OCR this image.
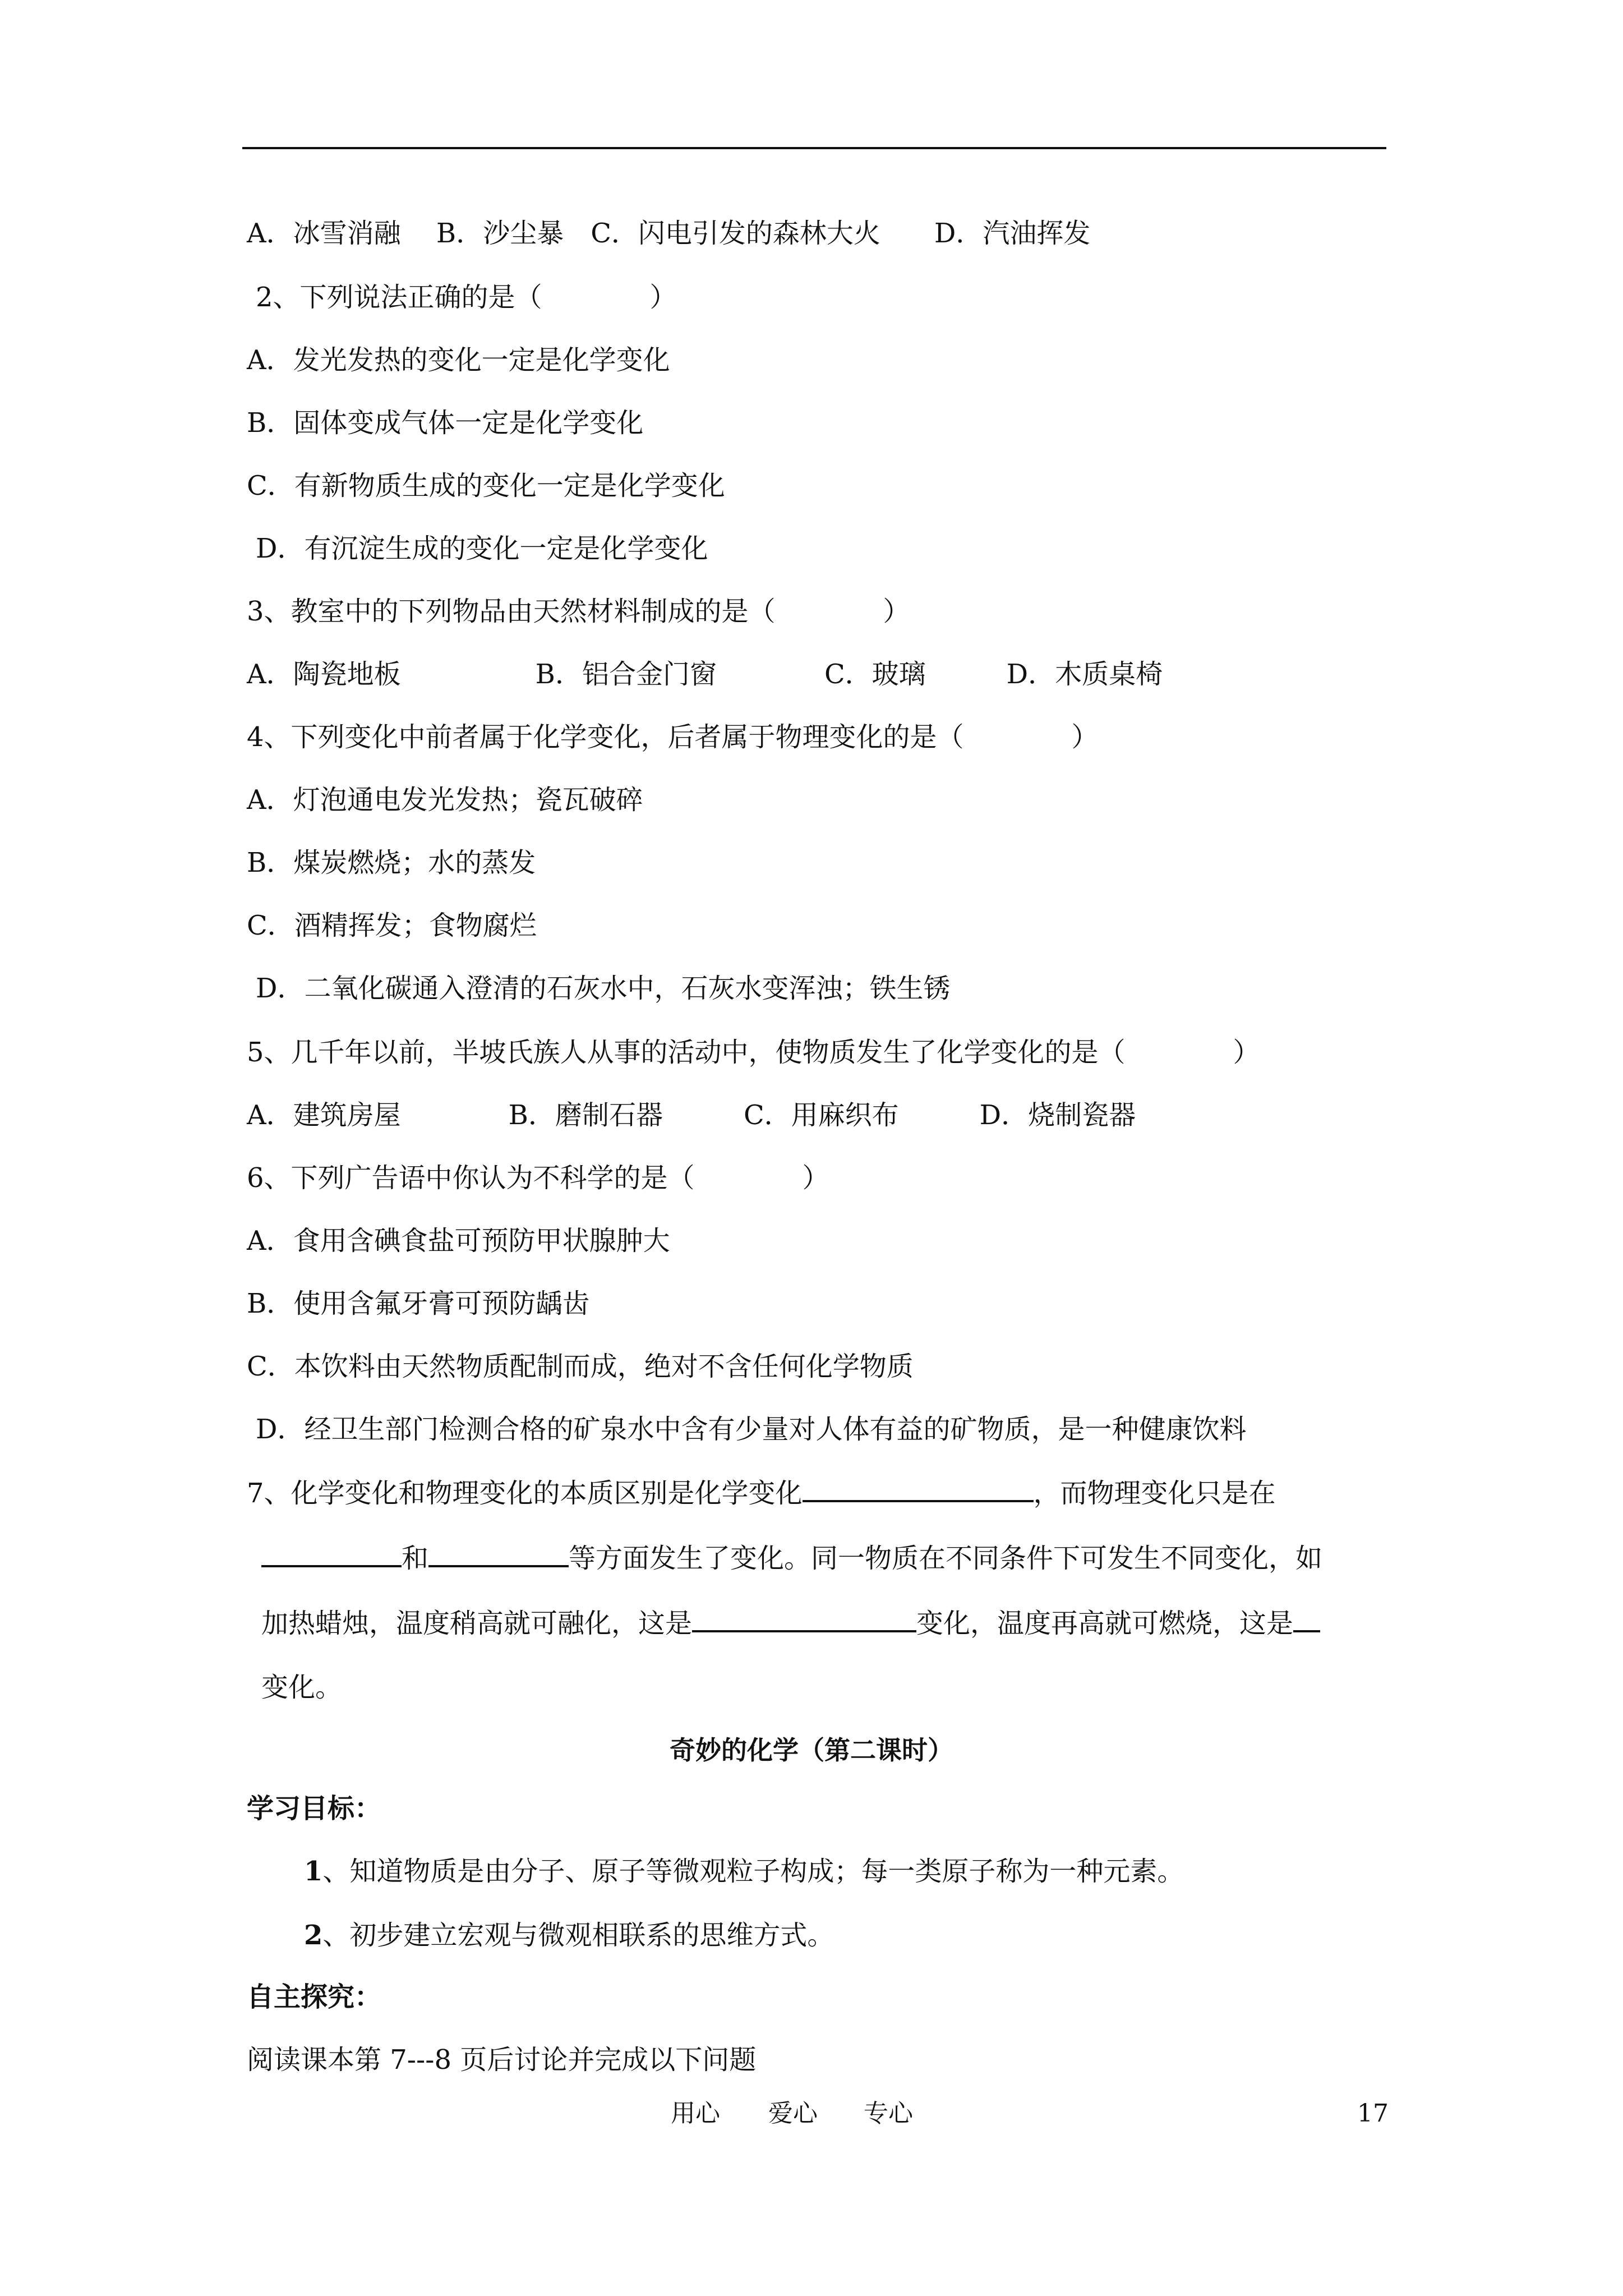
A．冰雪消融　 B．沙尘暴　C．闪电引发的森林大火　　D．汽油挥发
2、下列说法正确的是（　　　　）
A．发光发热的变化一定是化学变化
B．固体变成气体一定是化学变化
C．有新物质生成的变化一定是化学变化
D．有沉淀生成的变化一定是化学变化
3、教室中的下列物品由天然材料制成的是（　　　　）
A．陶瓷地板　　　　　B．铝合金门窗　　　　C．玻璃　　　D．木质桌椅
4、下列变化中前者属于化学变化，后者属于物理变化的是（　　　　）
A．灯泡通电发光发热；瓷瓦破碎
B．煤炭燃烧；水的蒸发
C．酒精挥发；食物腐烂
D．二氧化碳通入澄清的石灰水中，石灰水变浑浊；铁生锈
5、几千年以前，半坡氏族人从事的活动中，使物质发生了化学变化的是（　　　　）
A．建筑房屋　　　　B．磨制石器　　　C．用麻织布　　　D．烧制瓷器
6、下列广告语中你认为不科学的是（　　　　）
A．食用含碘食盐可预防甲状腺肿大
B．使用含氟牙膏可预防龋齿
C．本饮料由天然物质配制而成，绝对不含任何化学物质
D．经卫生部门检测合格的矿泉水中含有少量对人体有益的矿物质，是一种健康饮料
7、化学变化和物理变化的本质区别是化学变化	，而物理变化只是在
和	等方面发生了变化。同一物质在不同条件下可发生不同变化，如
加热蜡烛，温度稍高就可融化，这是	变化，温度再高就可燃烧，这是
变化。
奇妙的化学（第二课时）
学习目标：
1、知道物质是由分子、原子等微观粒子构成；每一类原子称为一种元素。
2、初步建立宏观与微观相联系的思维方式。
自主探究：
阅读课本第 7---8 页后讨论并完成以下问题
用心 爱心 专心	17
